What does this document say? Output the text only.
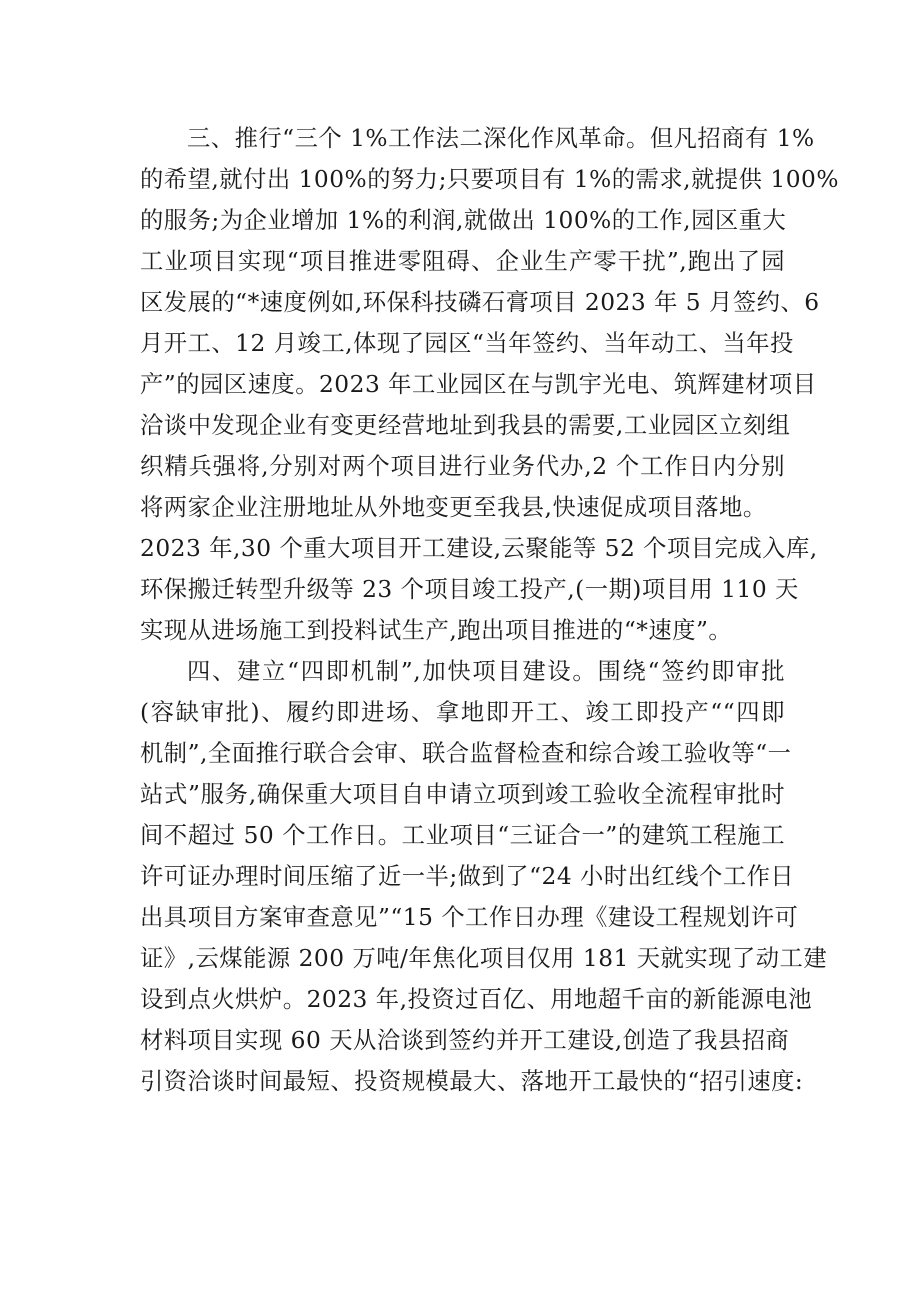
三、推行“三个 1%工作法二深化作风革命。但凡招商有 1%
的希望,就付出 100%的努力;只要项目有 1%的需求,就提供 100%
的服务;为企业增加 1%的利润,就做出 100%的工作,园区重大
工业项目实现“项目推进零阻碍、企业生产零干扰”,跑出了园
区发展的“*速度例如,环保科技磷石膏项目 2023 年 5 月签约、6
月开工、12 月竣工,体现了园区“当年签约、当年动工、当年投
产”的园区速度。2023 年工业园区在与凯宇光电、筑辉建材项目
洽谈中发现企业有变更经营地址到我县的需要,工业园区立刻组
织精兵强将,分别对两个项目进行业务代办,2 个工作日内分别
将两家企业注册地址从外地变更至我县,快速促成项目落地。
2023 年,30 个重大项目开工建设,云聚能等 52 个项目完成入库,
环保搬迁转型升级等 23 个项目竣工投产,(一期)项目用 110 天
实现从进场施工到投料试生产,跑出项目推进的“*速度”。
四、建立“四即机制”,加快项目建设。围绕“签约即审批
(容缺审批)、履约即进场、拿地即开工、竣工即投产““四即
机制”,全面推行联合会审、联合监督检查和综合竣工验收等“一
站式”服务,确保重大项目自申请立项到竣工验收全流程审批时
间不超过 50 个工作日。工业项目“三证合一”的建筑工程施工
许可证办理时间压缩了近一半;做到了“24 小时出红线个工作日
出具项目方案审查意见”“15 个工作日办理《建设工程规划许可
证》,云煤能源 200 万吨/年焦化项目仅用 181 天就实现了动工建
设到点火烘炉。2023 年,投资过百亿、用地超千亩的新能源电池
材料项目实现 60 天从洽谈到签约并开工建设,创造了我县招商
引资洽谈时间最短、投资规模最大、落地开工最快的“招引速度:
